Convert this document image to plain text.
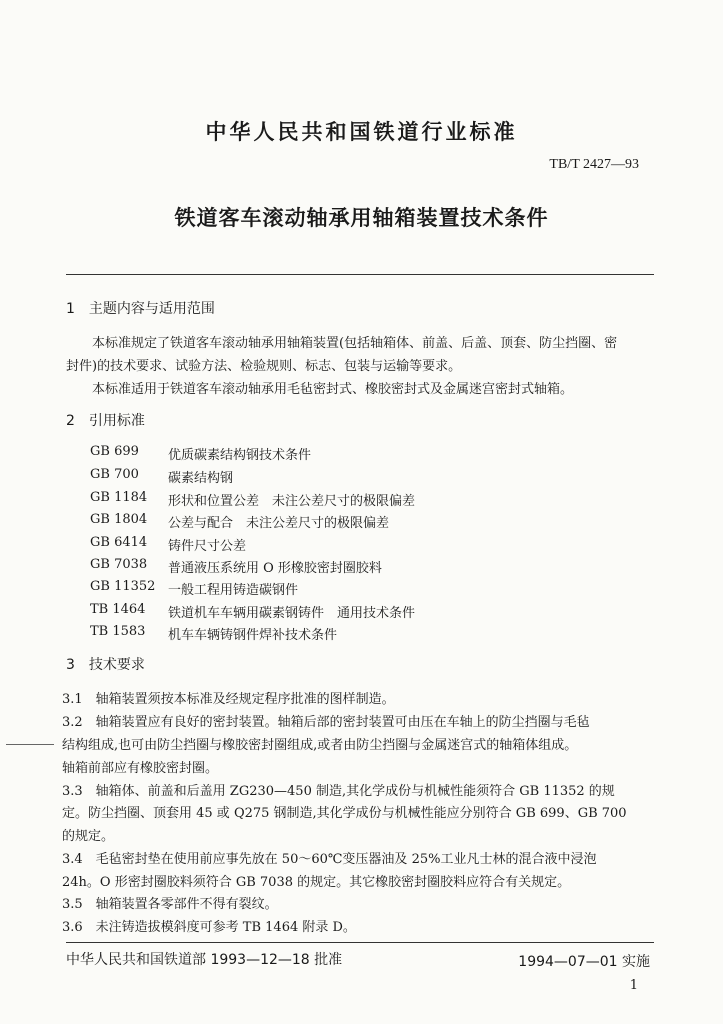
中华人民共和国铁道行业标准
TB/T 2427—93
铁道客车滚动轴承用轴箱装置技术条件
1　主题内容与适用范围
本标准规定了铁道客车滚动轴承用轴箱装置(包括轴箱体、前盖、后盖、顶套、防尘挡圈、密
封件)的技术要求、试验方法、检验规则、标志、包装与运输等要求。
本标准适用于铁道客车滚动轴承用毛毡密封式、橡胶密封式及金属迷宫密封式轴箱。
2　引用标准
GB 699 优质碳素结构钢技术条件
GB 700 碳素结构钢
GB 1184 形状和位置公差　未注公差尺寸的极限偏差
GB 1804 公差与配合　未注公差尺寸的极限偏差
GB 6414 铸件尺寸公差
GB 7038 普通液压系统用 O 形橡胶密封圈胶料
GB 11352 一般工程用铸造碳钢件
TB 1464 铁道机车车辆用碳素钢铸件　通用技术条件
TB 1583 机车车辆铸钢件焊补技术条件
3　技术要求
3.1　轴箱装置须按本标准及经规定程序批准的图样制造。
3.2　轴箱装置应有良好的密封装置。轴箱后部的密封装置可由压在车轴上的防尘挡圈与毛毡
结构组成,也可由防尘挡圈与橡胶密封圈组成,或者由防尘挡圈与金属迷宫式的轴箱体组成。
轴箱前部应有橡胶密封圈。
3.3　轴箱体、前盖和后盖用 ZG230—450 制造,其化学成份与机械性能须符合 GB 11352 的规
定。防尘挡圈、顶套用 45 或 Q275 钢制造,其化学成份与机械性能应分别符合 GB 699、GB 700
的规定。
3.4　毛毡密封垫在使用前应事先放在 50～60℃变压器油及 25%工业凡士林的混合液中浸泡
24h。O 形密封圈胶料须符合 GB 7038 的规定。其它橡胶密封圈胶料应符合有关规定。
3.5　轴箱装置各零部件不得有裂纹。
3.6　未注铸造拔模斜度可参考 TB 1464 附录 D。
中华人民共和国铁道部 1993—12—18 批准	1994—07—01 实施
1
